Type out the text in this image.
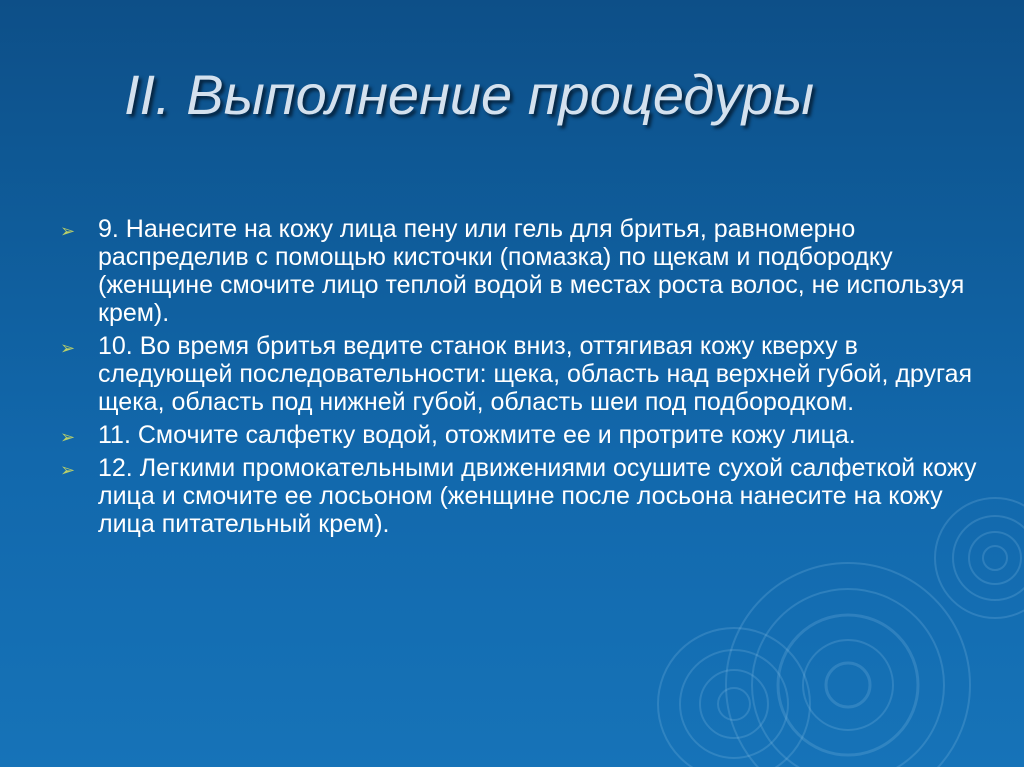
II. Выполнение процедуры
➢ 9. Нанесите на кожу лица пену или гель для бритья, равномерно распределив с помощью кисточки (помазка) по щекам и подбородку (женщине смочите лицо теплой водой в местах роста волос, не используя крем).
➢ 10. Во время бритья ведите станок вниз, оттягивая кожу кверху в следующей последовательности: щека, область над верхней губой, другая щека, область под нижней губой, область шеи под подбородком.
➢ 11. Смочите салфетку водой, отожмите ее и протрите кожу лица.
➢ 12. Легкими промокательными движениями осушите сухой салфеткой кожу лица и смочите ее лосьоном (женщине после лосьона нанесите на кожу лица питательный крем).
